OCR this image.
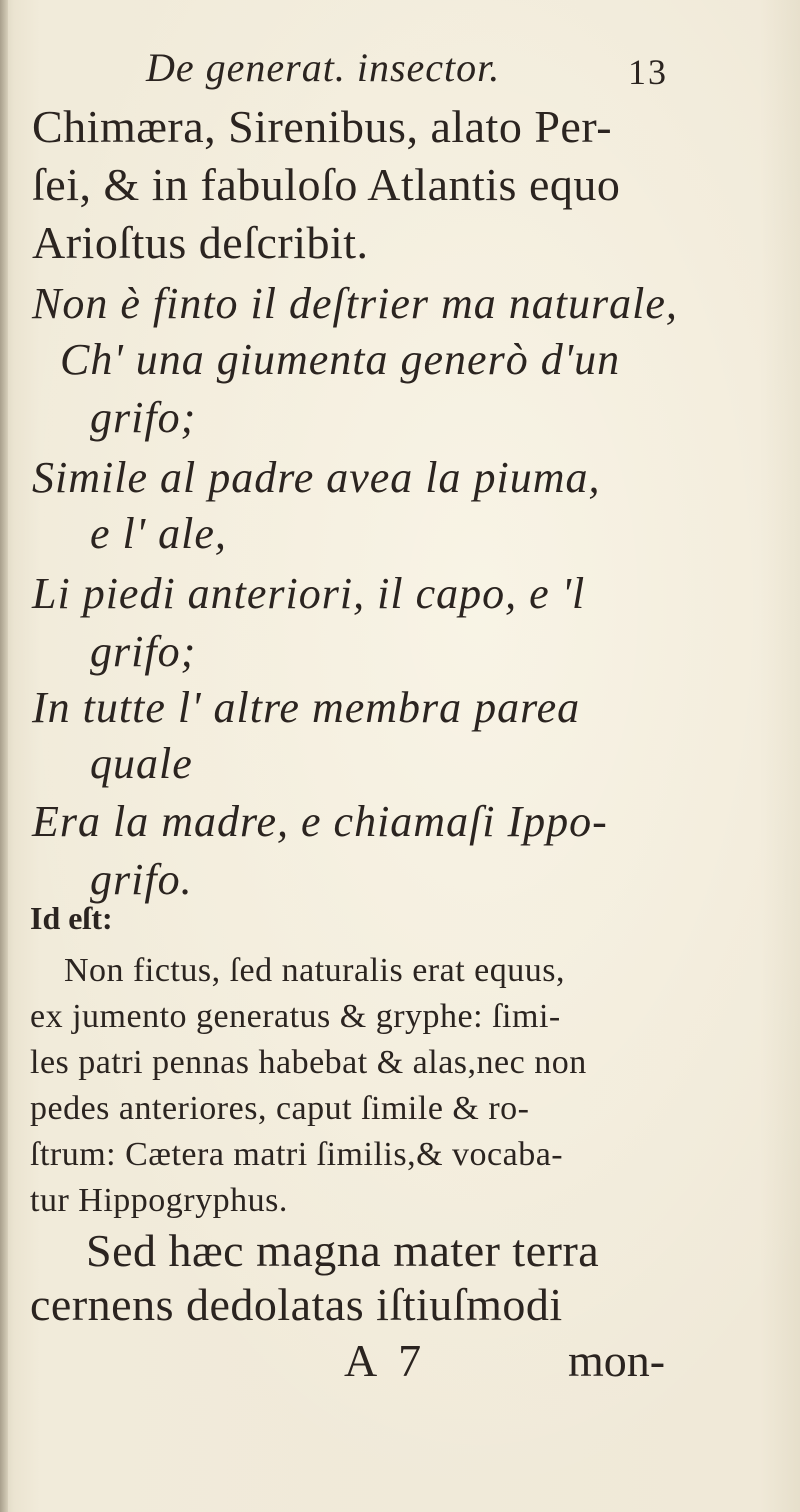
De generat. insector.	13
Chimæra, Sirenibus, alato Per-
ſei, & in fabuloſo Atlantis equo
Arioſtus deſcribit.
Non è finto il deſtrier ma naturale,
Ch' una giumenta generò d'un
grifo;
Simile al padre avea la piuma,
e l' ale,
Li piedi anteriori, il capo, e 'l
grifo;
In tutte l' altre membra parea
quale
Era la madre, e chiamaſi Ippo-
grifo.
Id eſt:
Non fictus, ſed naturalis erat equus,
ex jumento generatus & gryphe: ſimi-
les patri pennas habebat & alas,nec non
pedes anteriores, caput ſimile & ro-
ſtrum: Cætera matri ſimilis,& vocaba-
tur Hippogryphus.
Sed hæc magna mater terra
cernens dedolatas iſtiuſmodi
A 7	mon-
